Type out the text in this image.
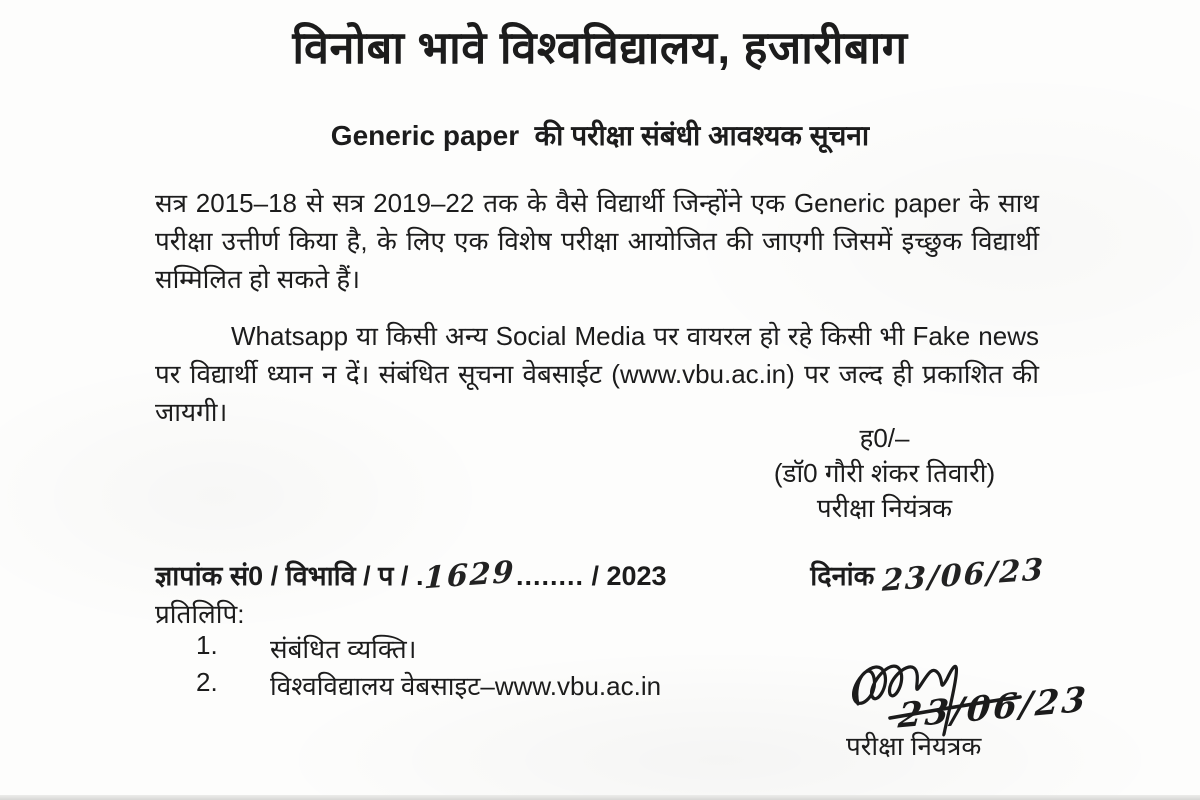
विनोबा भावे विश्वविद्यालय, हजारीबाग
Generic paper  की परीक्षा संबंधी आवश्यक सूचना
सत्र 2015–18 से सत्र 2019–22 तक के वैसे विद्यार्थी जिन्होंने एक Generic paper के साथ परीक्षा उत्तीर्ण किया है, के लिए एक विशेष परीक्षा आयोजित की जाएगी जिसमें इच्छुक विद्यार्थी सम्मिलित हो सकते हैं।
Whatsapp या किसी अन्य Social Media पर वायरल हो रहे किसी भी Fake news पर विद्यार्थी ध्यान न दें। संबंधित सूचना वेबसाईट (www.vbu.ac.in) पर जल्द ही प्रकाशित की जायगी।
ह0/–
(डॉ0 गौरी शंकर तिवारी)
परीक्षा नियंत्रक
ज्ञापांक सं0 / विभावि / प / .1629........ / 2023	दिनांक 23/06/23
प्रतिलिपि:
1.	संबंधित व्यक्ति।
2.	विश्वविद्यालय वेबसाइट–www.vbu.ac.in	23/06/23
परीक्षा नियंत्रक
